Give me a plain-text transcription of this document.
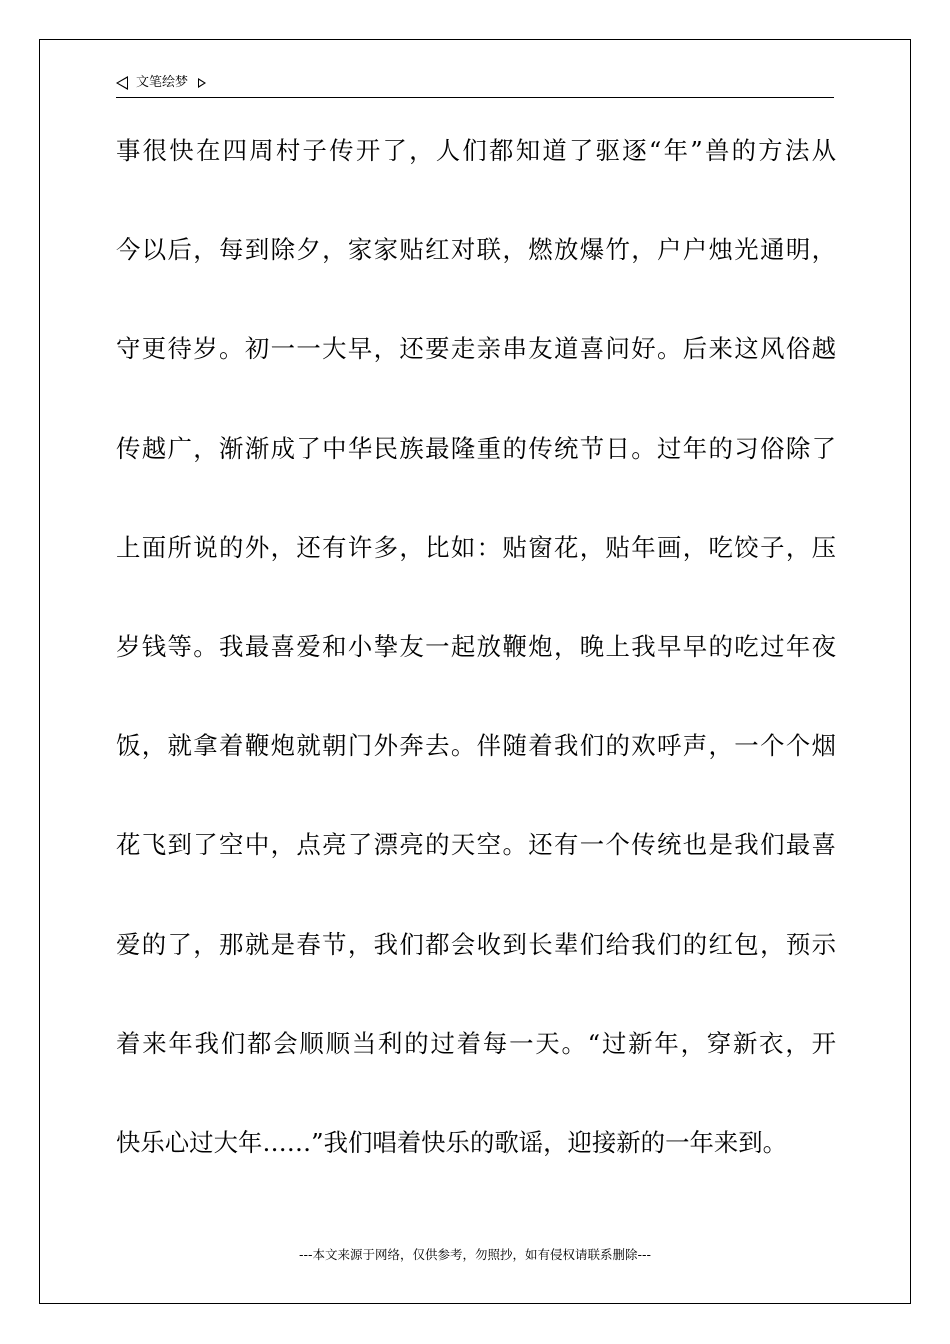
文笔绘梦
事很快在四周村子传开了，人们都知道了驱逐“年”兽的方法从
今以后，每到除夕，家家贴红对联，燃放爆竹，户户烛光通明，
守更待岁。初一一大早，还要走亲串友道喜问好。后来这风俗越
传越广，渐渐成了中华民族最隆重的传统节日。过年的习俗除了
上面所说的外，还有许多，比如：贴窗花，贴年画，吃饺子，压
岁钱等。我最喜爱和小挚友一起放鞭炮，晚上我早早的吃过年夜
饭，就拿着鞭炮就朝门外奔去。伴随着我们的欢呼声，一个个烟
花飞到了空中，点亮了漂亮的天空。还有一个传统也是我们最喜
爱的了，那就是春节，我们都会收到长辈们给我们的红包，预示
着来年我们都会顺顺当利的过着每一天。“过新年，穿新衣，开
快乐心过大年……”我们唱着快乐的歌谣，迎接新的一年来到。
---本文来源于网络，仅供参考，勿照抄，如有侵权请联系删除---
